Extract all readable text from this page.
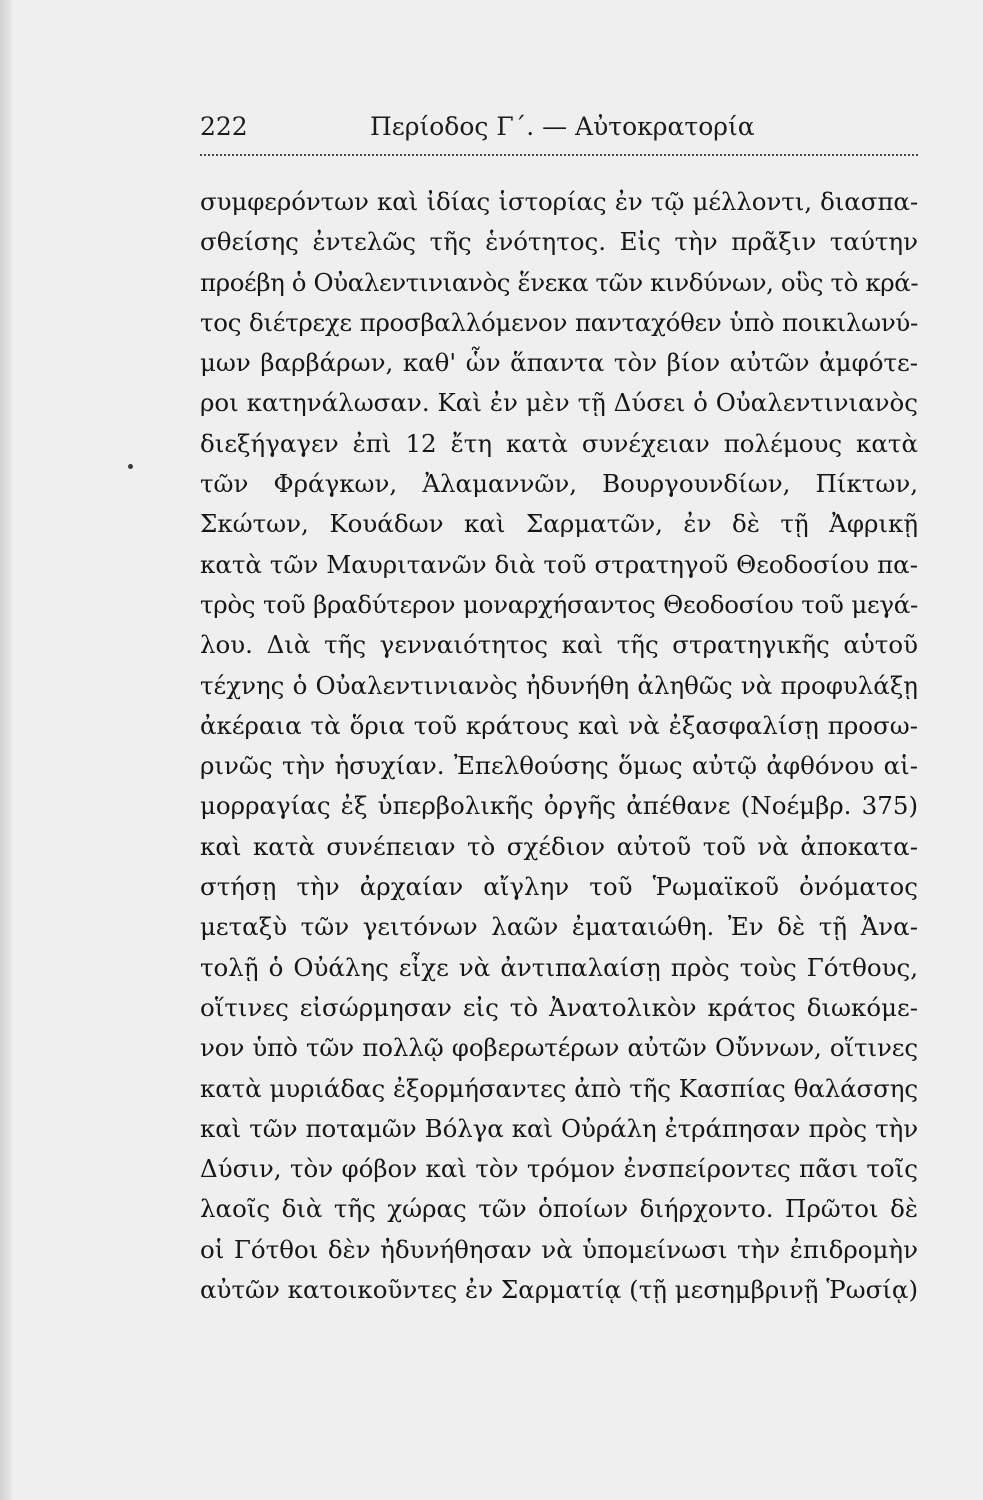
222	Περίοδος Γ΄. — Αὐτοκρατορία
συμφερόντων καὶ ἰδίας ἱστορίας ἐν τῷ μέλλοντι, διασπα-
σθείσης ἐντελῶς τῆς ἑνότητος. Εἰς τὴν πρᾶξιν ταύτην
προέβη ὁ Οὐαλεντινιανὸς ἕνεκα τῶν κινδύνων, οὓς τὸ κρά-
τος διέτρεχε προσβαλλόμενον πανταχόθεν ὑπὸ ποικιλωνύ-
μων βαρβάρων, καθ' ὧν ἅπαντα τὸν βίον αὐτῶν ἀμφότε-
ροι κατηνάλωσαν. Καὶ ἐν μὲν τῇ Δύσει ὁ Οὐαλεντινιανὸς
διεξήγαγεν ἐπὶ 12 ἔτη κατὰ συνέχειαν πολέμους κατὰ
τῶν Φράγκων, Ἀλαμαννῶν, Βουργουνδίων, Πίκτων,
Σκώτων, Κουάδων καὶ Σαρματῶν, ἐν δὲ τῇ Ἀφρικῇ
κατὰ τῶν Μαυριτανῶν διὰ τοῦ στρατηγοῦ Θεοδοσίου πα-
τρὸς τοῦ βραδύτερον μοναρχήσαντος Θεοδοσίου τοῦ μεγά-
λου. Διὰ τῆς γενναιότητος καὶ τῆς στρατηγικῆς αὑτοῦ
τέχνης ὁ Οὐαλεντινιανὸς ἠδυνήθη ἀληθῶς νὰ προφυλάξῃ
ἀκέραια τὰ ὅρια τοῦ κράτους καὶ νὰ ἐξασφαλίσῃ προσω-
ρινῶς τὴν ἡσυχίαν. Ἐπελθούσης ὅμως αὐτῷ ἀφθόνου αἱ-
μορραγίας ἐξ ὑπερβολικῆς ὀργῆς ἀπέθανε (Νοέμβρ. 375)
καὶ κατὰ συνέπειαν τὸ σχέδιον αὐτοῦ τοῦ νὰ ἀποκατα-
στήσῃ τὴν ἀρχαίαν αἴγλην τοῦ Ῥωμαϊκοῦ ὀνόματος
μεταξὺ τῶν γειτόνων λαῶν ἐματαιώθη. Ἐν δὲ τῇ Ἀνα-
τολῇ ὁ Οὐάλης εἶχε νὰ ἀντιπαλαίσῃ πρὸς τοὺς Γότθους,
οἵτινες εἰσώρμησαν εἰς τὸ Ἀνατολικὸν κράτος διωκόμε-
νον ὑπὸ τῶν πολλῷ φοβερωτέρων αὐτῶν Οὔννων, οἵτινες
κατὰ μυριάδας ἐξορμήσαντες ἀπὸ τῆς Κασπίας θαλάσσης
καὶ τῶν ποταμῶν Βόλγα καὶ Οὐράλη ἐτράπησαν πρὸς τὴν
Δύσιν, τὸν φόβον καὶ τὸν τρόμον ἐνσπείροντες πᾶσι τοῖς
λαοῖς διὰ τῆς χώρας τῶν ὁποίων διήρχοντο. Πρῶτοι δὲ
οἱ Γότθοι δὲν ἠδυνήθησαν νὰ ὑπομείνωσι τὴν ἐπιδρομὴν
αὐτῶν κατοικοῦντες ἐν Σαρματίᾳ (τῇ μεσημβρινῇ Ῥωσίᾳ)
